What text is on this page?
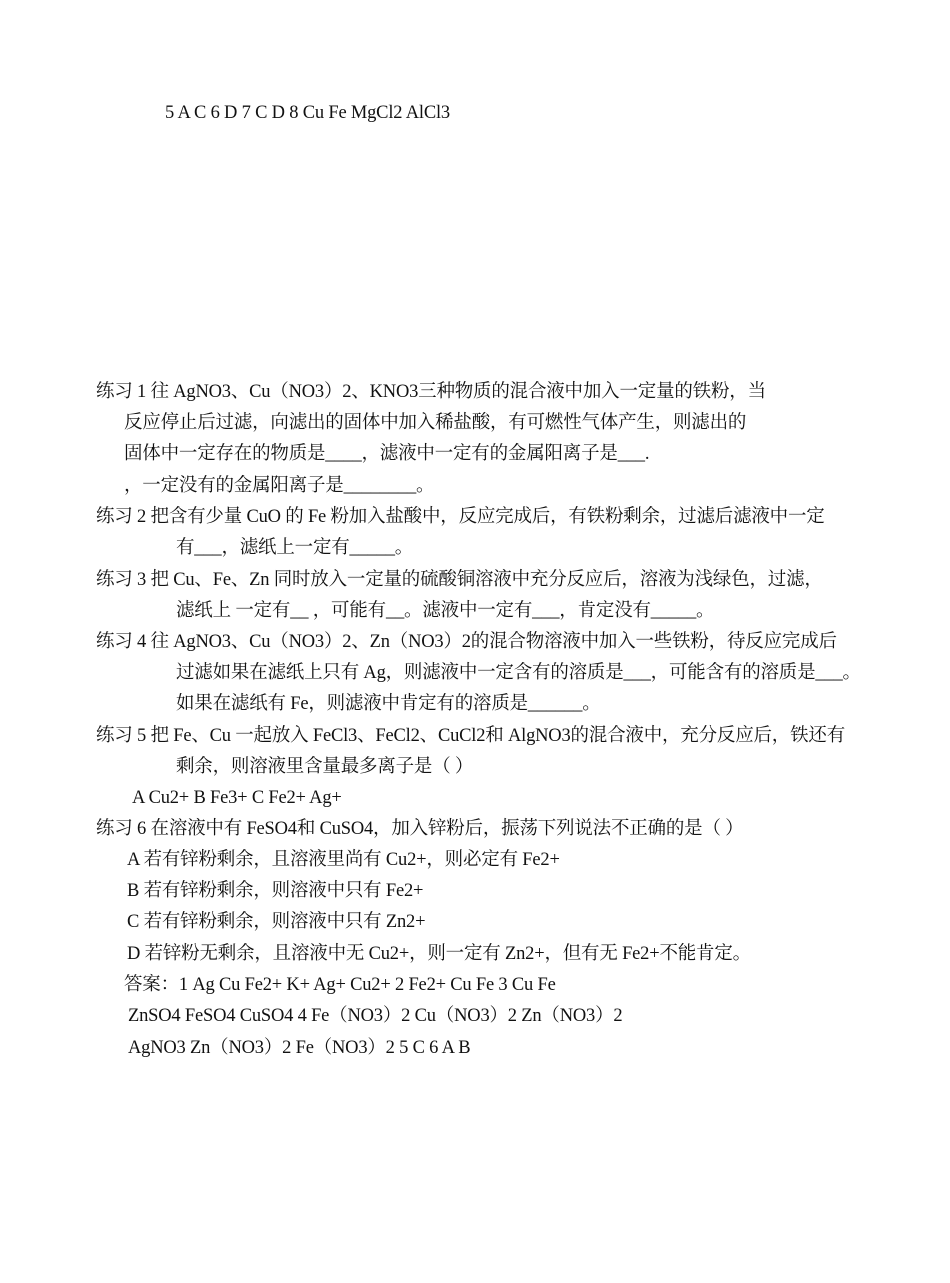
5 A C 6 D 7 C D 8 Cu Fe MgCl2 AlCl3
练习 1 往 AgNO3、Cu（NO3）2、KNO3三种物质的混合液中加入一定量的铁粉，当
反应停止后过滤，向滤出的固体中加入稀盐酸，有可燃性气体产生，则滤出的
固体中一定存在的物质是____，滤液中一定有的金属阳离子是___.
，一定没有的金属阳离子是________。
练习 2 把含有少量 CuO 的 Fe 粉加入盐酸中，反应完成后，有铁粉剩余，过滤后滤液中一定
有___，滤纸上一定有_____。
练习 3 把 Cu、Fe、Zn 同时放入一定量的硫酸铜溶液中充分反应后，溶液为浅绿色，过滤，
滤纸上 一定有__ ，可能有__。滤液中一定有___，肯定没有_____。
练习 4 往 AgNO3、Cu（NO3）2、Zn（NO3）2的混合物溶液中加入一些铁粉，待反应完成后
过滤如果在滤纸上只有 Ag，则滤液中一定含有的溶质是___，可能含有的溶质是___。
如果在滤纸有 Fe，则滤液中肯定有的溶质是______。
练习 5 把 Fe、Cu 一起放入 FeCl3、FeCl2、CuCl2和 AlgNO3的混合液中，充分反应后，铁还有
剩余，则溶液里含量最多离子是（ ）
A Cu2+ B Fe3+ C Fe2+ Ag+
练习 6 在溶液中有 FeSO4和 CuSO4，加入锌粉后，振荡下列说法不正确的是（ ）
A 若有锌粉剩余，且溶液里尚有 Cu2+，则必定有 Fe2+
B 若有锌粉剩余，则溶液中只有 Fe2+
C 若有锌粉剩余，则溶液中只有 Zn2+
D 若锌粉无剩余，且溶液中无 Cu2+，则一定有 Zn2+，但有无 Fe2+不能肯定。
答案：1 Ag Cu Fe2+ K+ Ag+ Cu2+ 2 Fe2+ Cu Fe 3 Cu Fe
ZnSO4 FeSO4 CuSO4 4 Fe（NO3）2 Cu（NO3）2 Zn（NO3）2
AgNO3 Zn（NO3）2 Fe（NO3）2 5 C 6 A B
